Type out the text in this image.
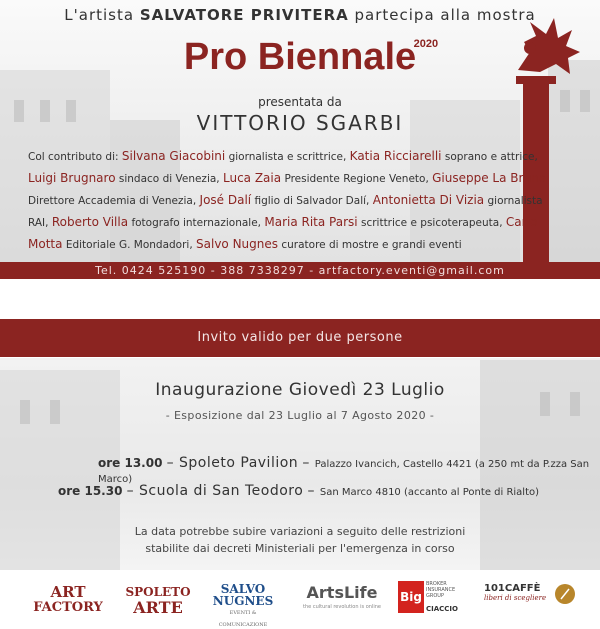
L'artista SALVATORE PRIVITERA partecipa alla mostra
Pro Biennale
2020
presentata da
VITTORIO SGARBI
Col contributo di: Silvana Giacobini giornalista e scrittrice, Katia Ricciarelli soprano e attrice, Luigi Brugnaro sindaco di Venezia, Luca Zaia Presidente Regione Veneto, Giuseppe La Bruna Direttore Accademia di Venezia, José Dalí figlio di Salvador Dalí, Antonietta Di Vizia giornalista RAI, Roberto Villa fotografo internazionale, Maria Rita Parsi scrittrice e psicoterapeuta, Carlo Motta Editoriale G. Mondadori, Salvo Nugnes curatore di mostre e grandi eventi
Tel. 0424 525190 - 388 7338297 - artfactory.eventi@gmail.com
Invito valido per due persone
Inaugurazione Giovedì 23 Luglio
- Esposizione dal 23 Luglio al 7 Agosto 2020 -
ore 13.00 – Spoleto Pavilion – Palazzo Ivancich, Castello 4421 (a 250 mt da P.zza San Marco)
ore 15.30 – Scuola di San Teodoro – San Marco 4810 (accanto al Ponte di Rialto)
La data potrebbe subire variazioni a seguito delle restrizioni
stabilite dai decreti Ministeriali per l'emergenza in corso
ART
FACTORY
SPOLETO
ARTE
SALVO
NUGNES
EVENTI & COMUNICAZIONE
ArtsLife
the cultural revolution is online
Big
BROKER
INSURANCE
GROUP
CIACCIO
101CAFFÈ
liberi di scegliere
